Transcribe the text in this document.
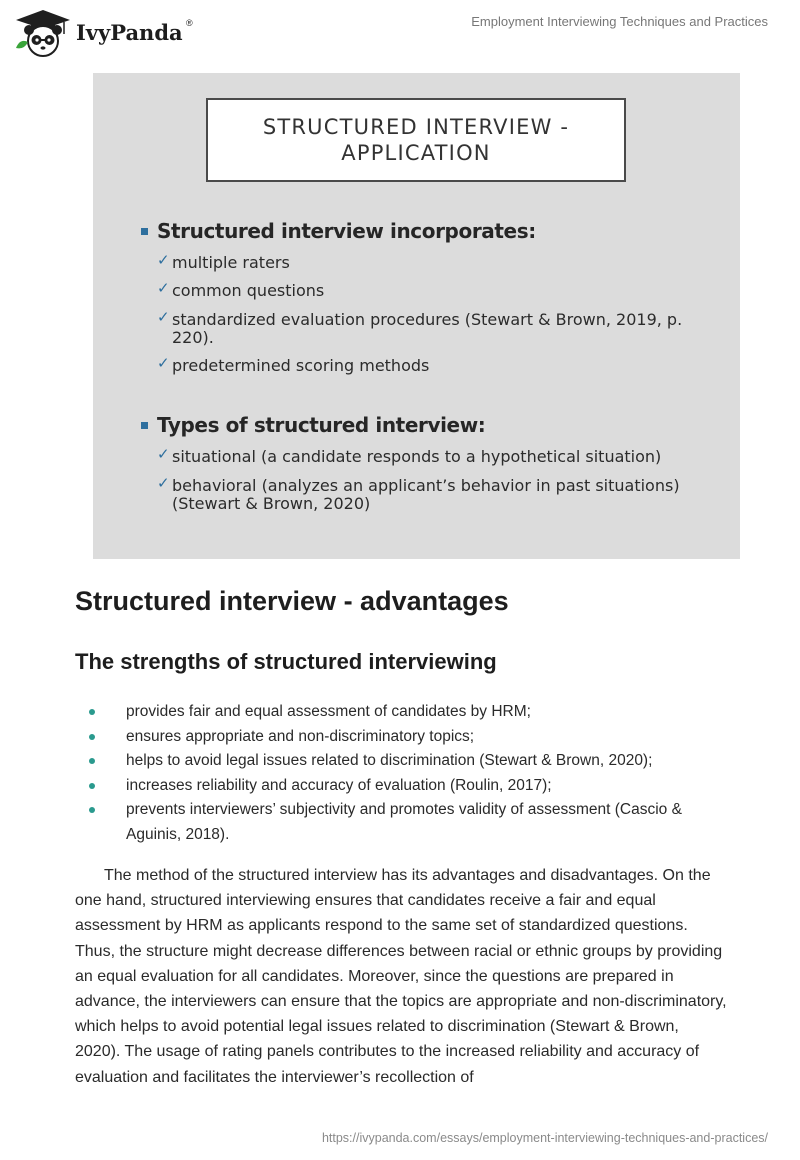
IvyPanda ®	Employment Interviewing Techniques and Practices
STRUCTURED INTERVIEW - APPLICATION
Structured interview incorporates:
✓ multiple raters
✓ common questions
✓ standardized evaluation procedures (Stewart & Brown, 2019, p. 220).
✓ predetermined scoring methods
Types of structured interview:
✓ situational (a candidate responds to a hypothetical situation)
✓ behavioral (analyzes an applicant’s behavior in past situations) (Stewart & Brown, 2020)
Structured interview - advantages
The strengths of structured interviewing
provides fair and equal assessment of candidates by HRM;
ensures appropriate and non-discriminatory topics;
helps to avoid legal issues related to discrimination (Stewart & Brown, 2020);
increases reliability and accuracy of evaluation (Roulin, 2017);
prevents interviewers’ subjectivity and promotes validity of assessment (Cascio & Aguinis, 2018).

The method of the structured interview has its advantages and disadvantages. On the one hand, structured interviewing ensures that candidates receive a fair and equal assessment by HRM as applicants respond to the same set of standardized questions. Thus, the structure might decrease differences between racial or ethnic groups by providing an equal evaluation for all candidates. Moreover, since the questions are prepared in advance, the interviewers can ensure that the topics are appropriate and non-discriminatory, which helps to avoid potential legal issues related to discrimination (Stewart & Brown, 2020). The usage of rating panels contributes to the increased reliability and accuracy of evaluation and facilitates the interviewer’s recollection of

https://ivypanda.com/essays/employment-interviewing-techniques-and-practices/
